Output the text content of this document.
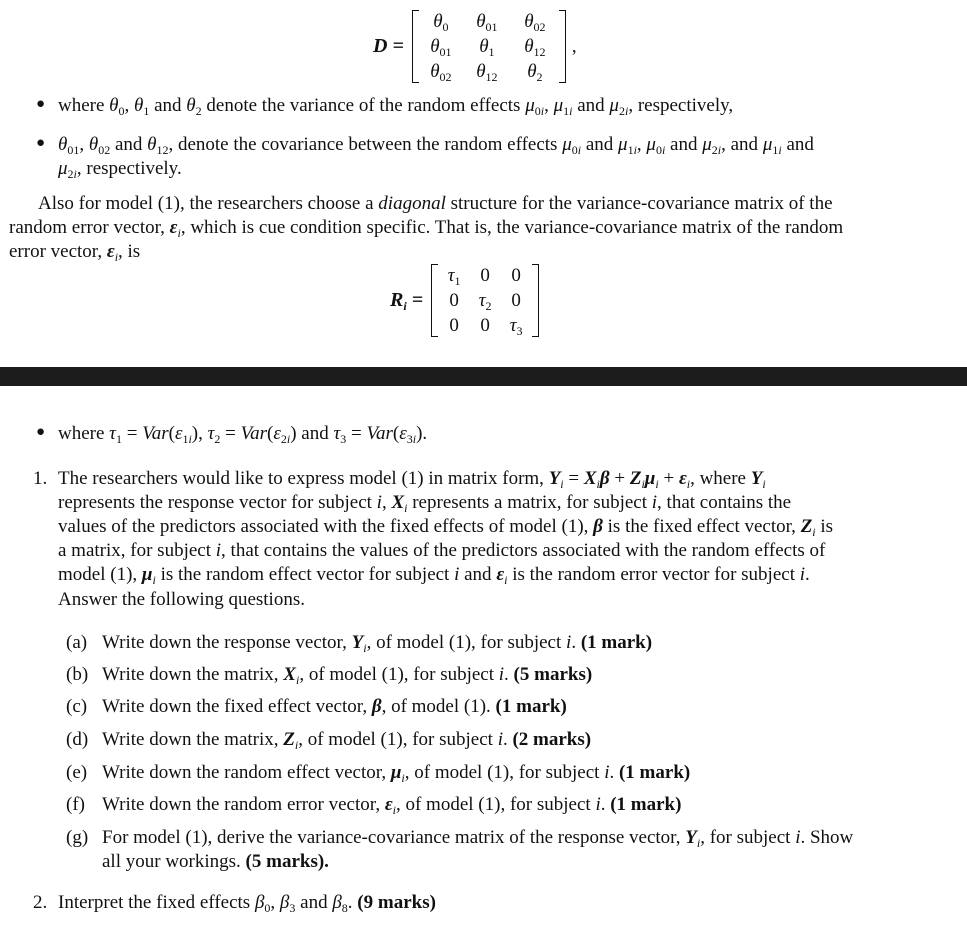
D =
$\theta_0$	$\theta_{01}$	$\theta_{02}$
$\theta_{01}$	$\theta_1$	$\theta_{12}$
$\theta_{02}$	$\theta_{12}$	$\theta_2$
,
● where $\theta_0$, $\theta_1$ and $\theta_2$ denote the variance of the random effects $\mu_{0i}$, $\mu_{1i}$ and $\mu_{2i}$, respectively,
● $\theta_{01}$, $\theta_{02}$ and $\theta_{12}$, denote the covariance between the random effects $\mu_{0i}$ and $\mu_{1i}$, $\mu_{0i}$ and $\mu_{2i}$, and $\mu_{1i}$ and
$\mu_{2i}$, respectively.
Also for model (1), the researchers choose a diagonal structure for the variance-covariance matrix of the
random error vector, $\varepsilon_i$, which is cue condition specific. That is, the variance-covariance matrix of the random
error vector, $\varepsilon_i$, is
$R_i$ =
$\tau_1$ 0	0
0	$\tau_2$	0
0	0 $\tau_3$
● where $\tau_1 = Var(\varepsilon_{1i})$, $\tau_2 = Var(\varepsilon_{2i})$ and $\tau_3 = Var(\varepsilon_{3i})$.
1. The researchers would like to express model (1) in matrix form, $Y_i = X_i\beta + Z_i\mu_i + \varepsilon_i$, where $Y_i$
represents the response vector for subject i, $X_i$ represents a matrix, for subject i, that contains the
values of the predictors associated with the fixed effects of model (1), β is the fixed effect vector, $Z_i$ is
a matrix, for subject i, that contains the values of the predictors associated with the random effects of
model (1), $\mu_i$ is the random effect vector for subject i and $\varepsilon_i$ is the random error vector for subject i.
Answer the following questions.
(a) Write down the response vector, $Y_i$, of model (1), for subject i. (1 mark)
(b) Write down the matrix, $X_i$, of model (1), for subject i. (5 marks)
(c) Write down the fixed effect vector, β, of model (1). (1 mark)
(d) Write down the matrix, $Z_i$, of model (1), for subject i. (2 marks)
(e) Write down the random effect vector, $\mu_i$, of model (1), for subject i. (1 mark)
(f) Write down the random error vector, $\varepsilon_i$, of model (1), for subject i. (1 mark)
(g) For model (1), derive the variance-covariance matrix of the response vector, $Y_i$, for subject i. Show
all your workings. (5 marks).
2. Interpret the fixed effects $\beta_0$, $\beta_3$ and $\beta_8$. (9 marks)
